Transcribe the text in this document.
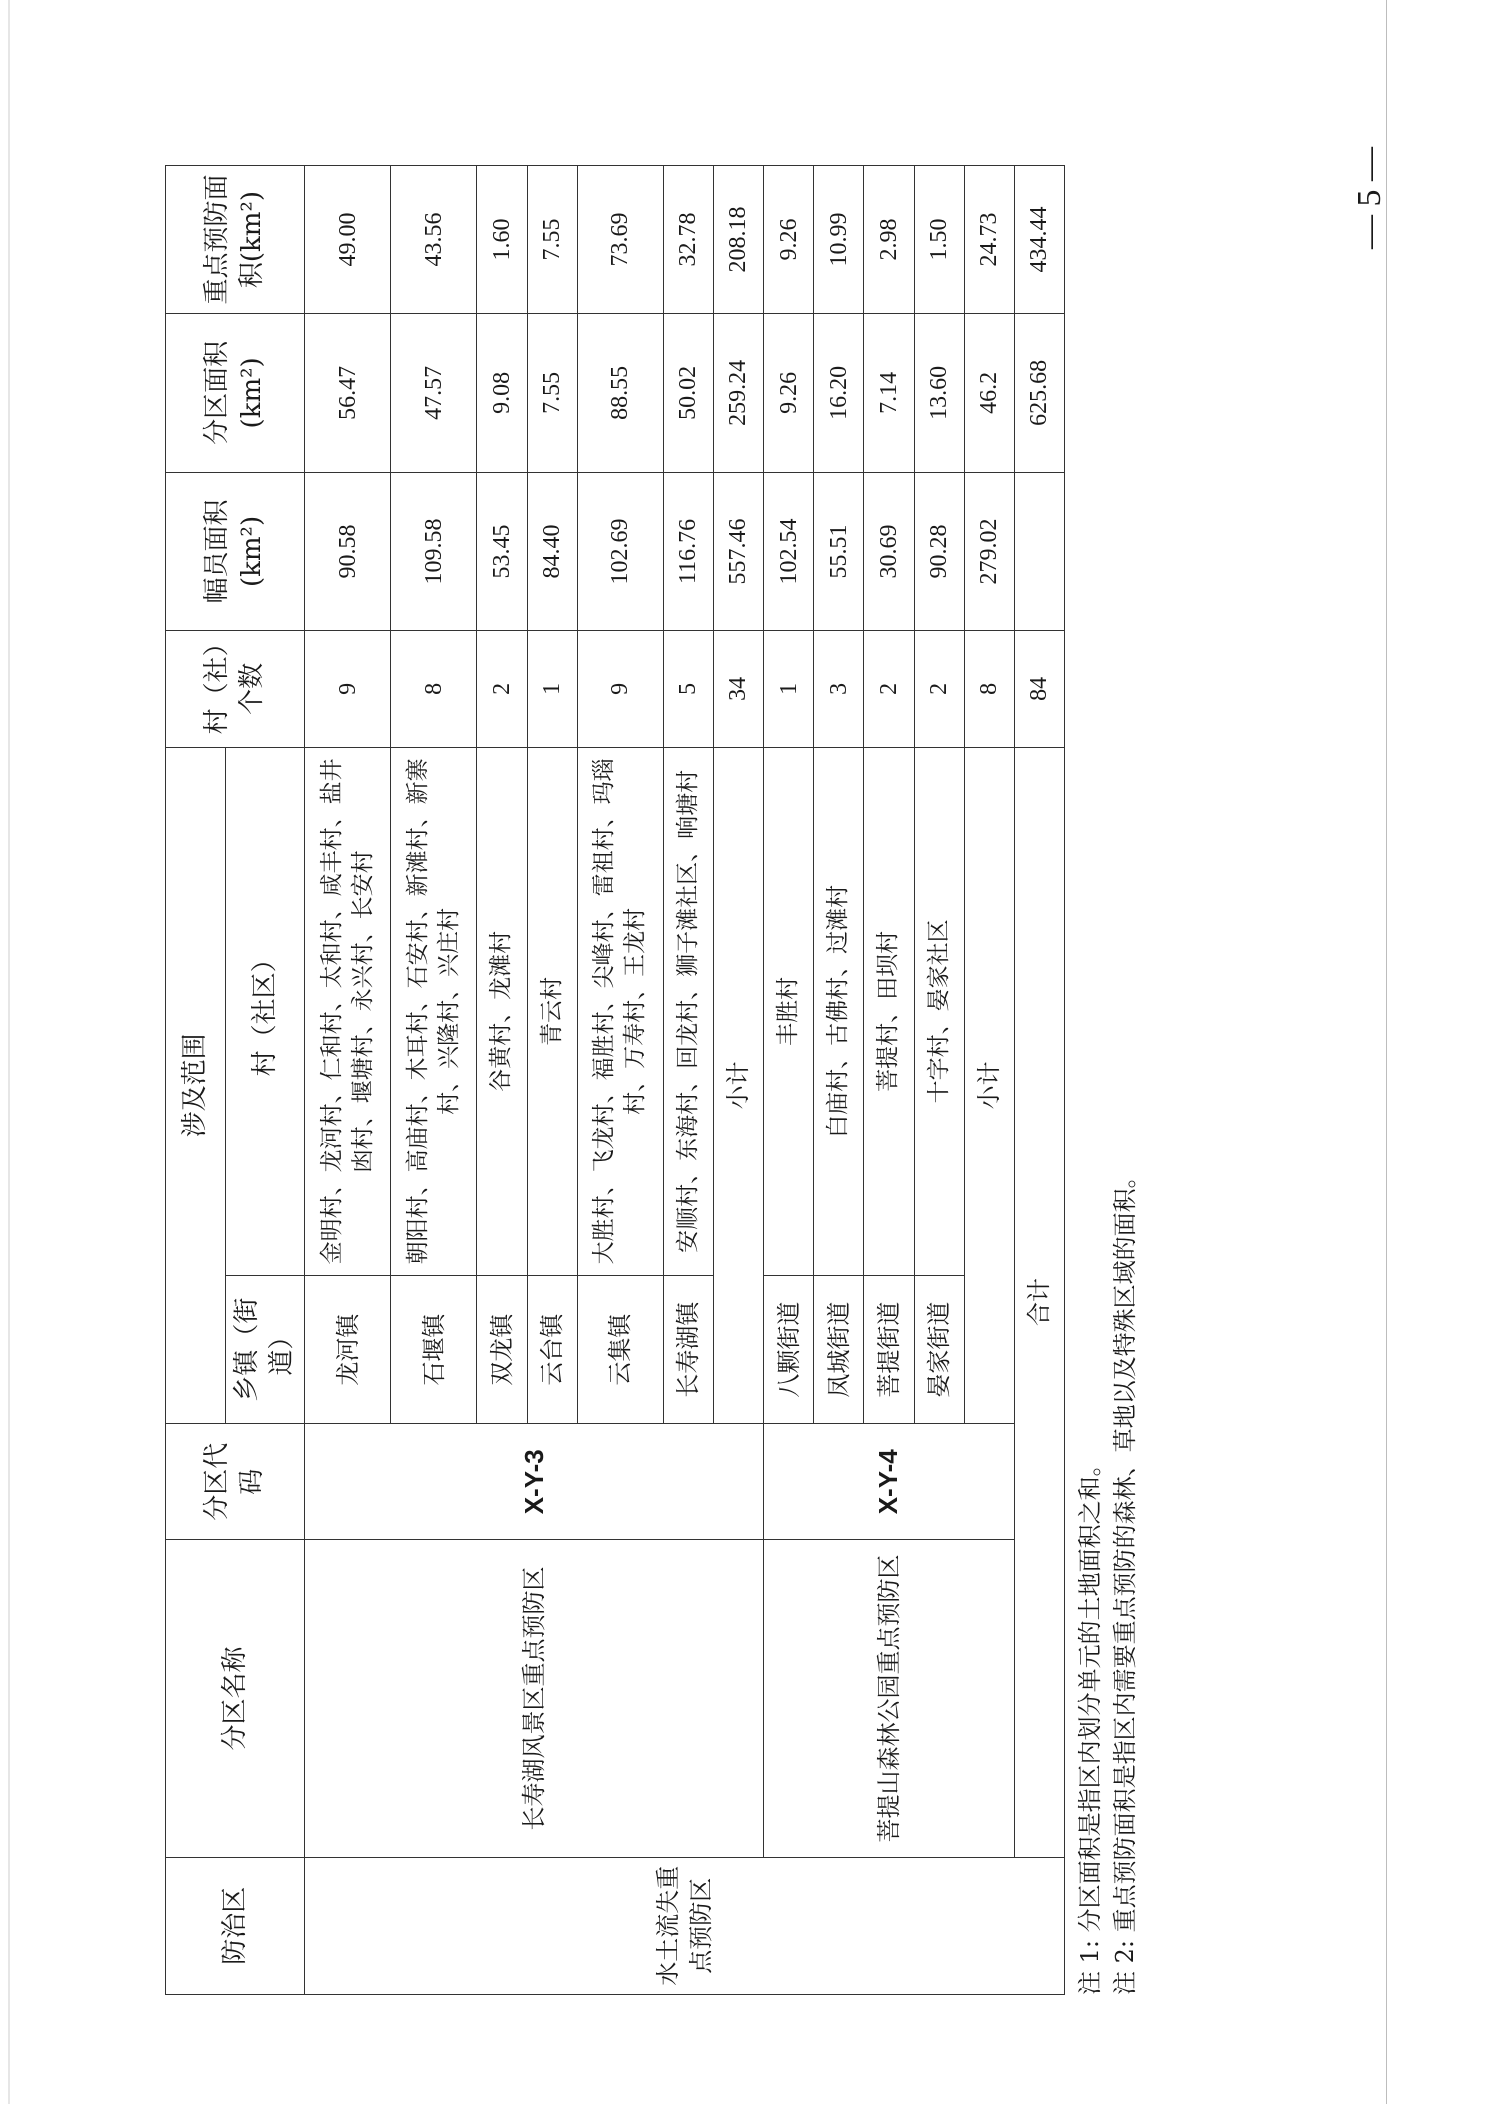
— 5 —
防治区	分区名称	分区代码	涉及范围		村（社）个数	幅员面积(km²)	分区面积(km²)	重点预防面积(km²)
			乡镇（街道）	村（社区）				
水土流失重点预防区	长寿湖风景区重点预防区	X-Y-3	龙河镇	金明村、龙河村、仁和村、太和村、咸丰村、盐井凼村、堰塘村、永兴村、长安村	9	90.58	56.47	49.00
			石堰镇	朝阳村、高庙村、木耳村、石安村、新滩村、新寨村、兴隆村、兴庄村	8	109.58	47.57	43.56
			双龙镇	谷黄村、龙滩村	2	53.45	9.08	1.60
			云台镇	青云村	1	84.40	7.55	7.55
			云集镇	大胜村、飞龙村、福胜村、尖峰村、雷祖村、玛瑙村、万寿村、王龙村	9	102.69	88.55	73.69
			长寿湖镇	安顺村、东海村、回龙村、狮子滩社区、响塘村	5	116.76	50.02	32.78
			小计		34	557.46	259.24	208.18
	菩提山森林公园重点预防区	X-Y-4	八颗街道	丰胜村	1	102.54	9.26	9.26
			凤城街道	白庙村、古佛村、过滩村	3	55.51	16.20	10.99
			菩提街道	菩提村、田坝村	2	30.69	7.14	2.98
			晏家街道	十字村、晏家社区	2	90.28	13.60	1.50
			小计		8	279.02	46.2	24.73
	合计				84		625.68	434.44
注 1: 分区面积是指区内划分单元的土地面积之和。 注 2: 重点预防面积是指区内需要重点预防的森林、草地以及特殊区域的面积。
